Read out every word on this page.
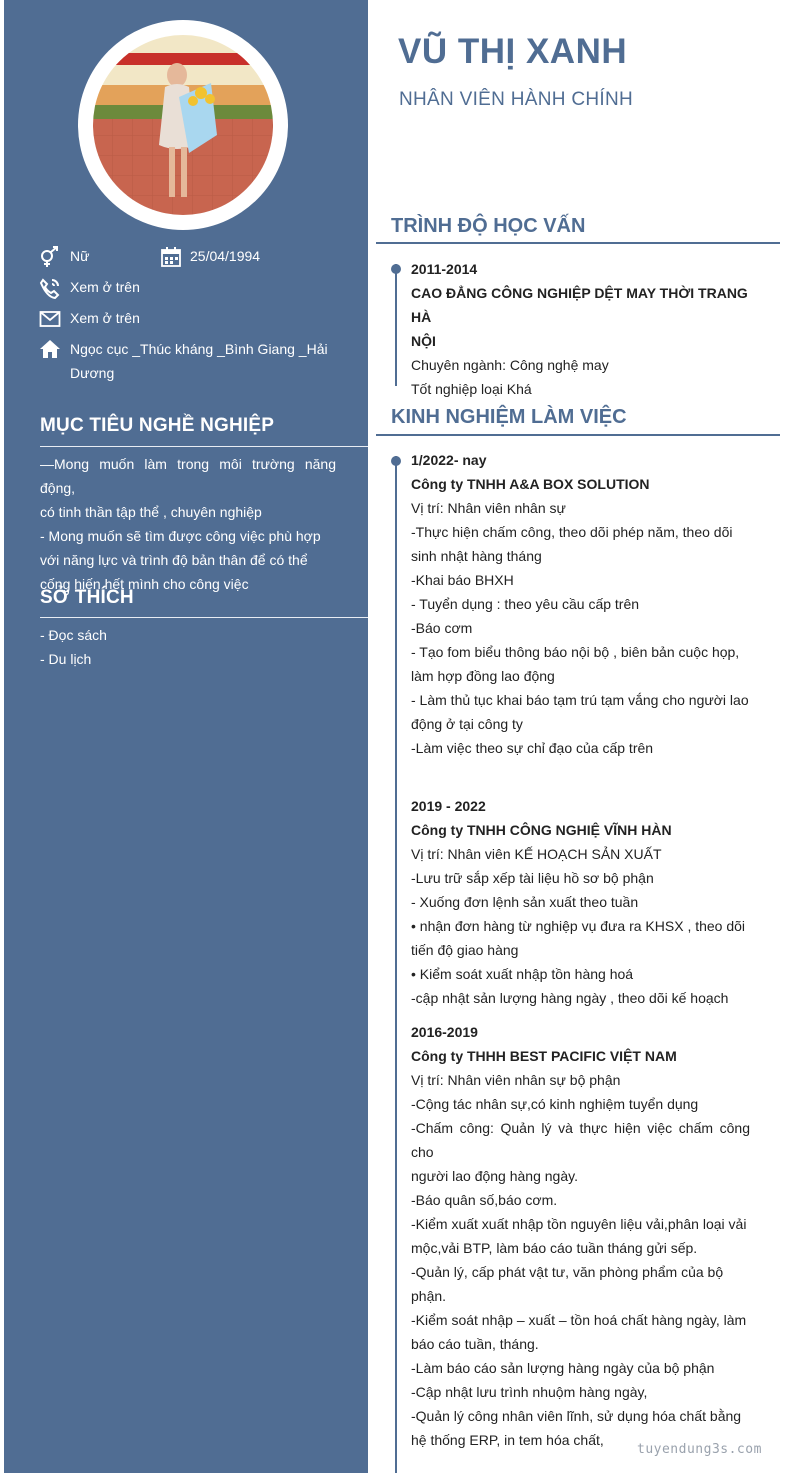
Nữ	25/04/1994
Xem ở trên
Xem ở trên
Ngọc cục _Thúc kháng _Bình Giang _Hải
Dương
MỤC TIÊU NGHỀ NGHIỆP
—Mong muốn làm trong môi trường năng động,
có tinh thần tập thể , chuyên nghiệp
- Mong muốn sẽ tìm được công việc phù hợp
với năng lực và trình độ bản thân để có thể
cống hiến hết mình cho công việc
SỞ THÍCH
- Đọc sách
- Du lịch
VŨ THỊ XANH
NHÂN VIÊN HÀNH CHÍNH
TRÌNH ĐỘ HỌC VẤN
2011-2014
CAO ĐẲNG CÔNG NGHIỆP DỆT MAY THỜI TRANG HÀ
NỘI
Chuyên ngành: Công nghệ may
Tốt nghiệp loại Khá
KINH NGHIỆM LÀM VIỆC
1/2022- nay
Công ty TNHH A&A BOX SOLUTION
Vị trí: Nhân viên nhân sự
-Thực hiện chấm công, theo dõi phép năm, theo dõi
sinh nhật hàng tháng
-Khai báo BHXH
- Tuyển dụng : theo yêu cầu cấp trên
-Báo cơm
- Tạo fom biểu thông báo nội bộ , biên bản cuộc họp,
làm hợp đồng lao động
- Làm thủ tục khai báo tạm trú tạm vắng cho người lao
động ở tại công ty
-Làm việc theo sự chỉ đạo của cấp trên
2019 - 2022
Công ty TNHH CÔNG NGHIỆ VĨNH HÀN
Vị trí: Nhân viên KẾ HOẠCH SẢN XUẤT
-Lưu trữ sắp xếp tài liệu hồ sơ bộ phận
- Xuống đơn lệnh sản xuất theo tuần
• nhận đơn hàng từ nghiệp vụ đưa ra KHSX , theo dõi
tiến độ giao hàng
• Kiểm soát xuất nhập tồn hàng hoá
-cập nhật sản lượng hàng ngày , theo dõi kế hoạch
2016-2019
Công ty THHH BEST PACIFIC VIỆT NAM
Vị trí: Nhân viên nhân sự bộ phận
-Cộng tác nhân sự,có kinh nghiệm tuyển dụng
-Chấm công: Quản lý và thực hiện việc chấm công cho
người lao động hàng ngày.
-Báo quân số,báo cơm.
-Kiểm xuất xuất nhập tồn nguyên liệu vải,phân loại vải
mộc,vải BTP, làm báo cáo tuần tháng gửi sếp.
-Quản lý, cấp phát vật tư, văn phòng phẩm của bộ
phận.
-Kiểm soát nhập – xuất – tồn hoá chất hàng ngày, làm
báo cáo tuần, tháng.
-Làm báo cáo sản lượng hàng ngày của bộ phận
-Cập nhật lưu trình nhuộm hàng ngày,
-Quản lý công nhân viên lĩnh, sử dụng hóa chất bằng
hệ thống ERP, in tem hóa chất,
tuyendung3s.com
